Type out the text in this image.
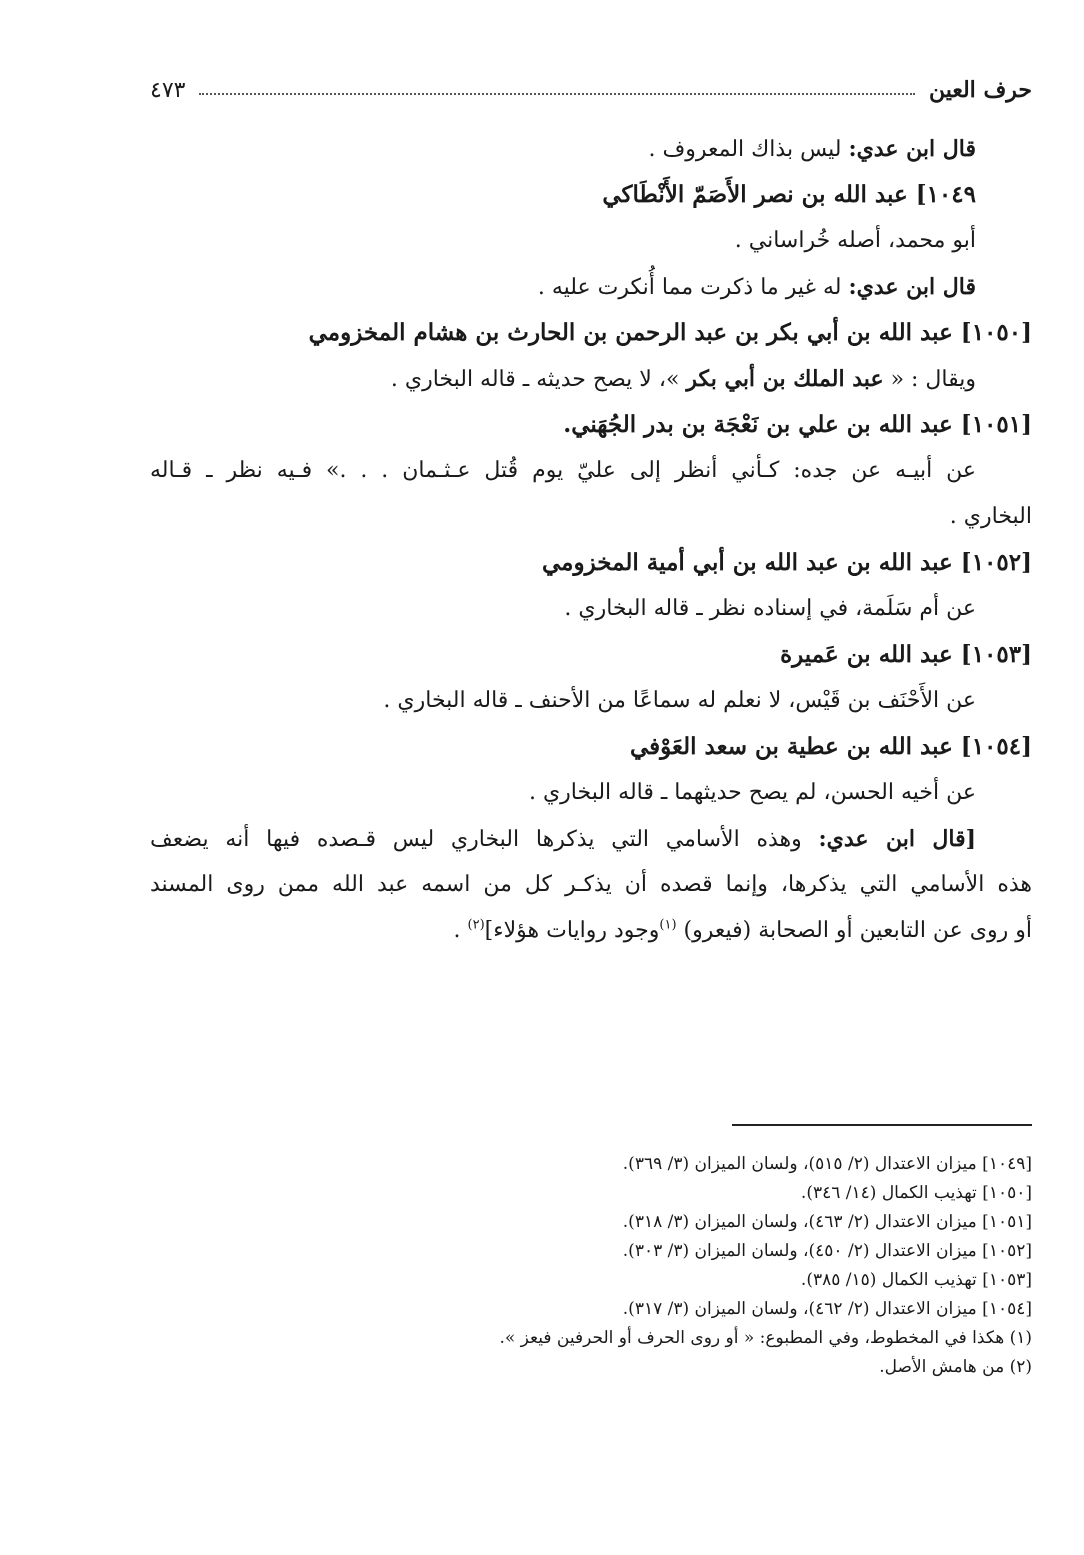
حرف العين
٤٧٣
قال ابن عدي: ليس بذاك المعروف .
١٠٤٩] عبد الله بن نصر الأَصَمّ الأَنْطَاكي
أبو محمد، أصله خُراساني .
قال ابن عدي: له غير ما ذكرت مما أُنكرت عليه .
[١٠٥٠] عبد الله بن أبي بكر بن عبد الرحمن بن الحارث بن هشام المخزومي
ويقال : « عبد الملك بن أبي بكر »، لا يصح حديثه ـ قاله البخاري .
[١٠٥١] عبد الله بن علي بن نَعْجَة بن بدر الجُهَني.
عن أبيـه عن جده: كـأني أنظر إلى عليّ يوم قُتل عـثـمان . . .» فـيه نظر ـ قـاله
البخاري .
[١٠٥٢] عبد الله بن عبد الله بن أبي أمية المخزومي
عن أم سَلَمة، في إسناده نظر ـ قاله البخاري .
[١٠٥٣] عبد الله بن عَميرة
عن الأَحْنَف بن قَيْس، لا نعلم له سماعًا من الأحنف ـ قاله البخاري .
[١٠٥٤] عبد الله بن عطية بن سعد العَوْفي
عن أخيه الحسن، لم يصح حديثهما ـ قاله البخاري .
[قال ابن عدي: وهذه الأسامي التي يذكرها البخاري ليس قـصده فيها أنه يضعف
هذه الأسامي التي يذكرها، وإنما قصده أن يذكـر كل من اسمه عبد الله ممن روى المسند
أو روى عن التابعين أو الصحابة (فيعرو) $^{(١)}$وجود روايات هؤلاء]$^{(٢)}$ .
[١٠٤٩] ميزان الاعتدال (٢/ ٥١٥)، ولسان الميزان (٣/ ٣٦٩).
[١٠٥٠] تهذيب الكمال (١٤/ ٣٤٦).
[١٠٥١] ميزان الاعتدال (٢/ ٤٦٣)، ولسان الميزان (٣/ ٣١٨).
[١٠٥٢] ميزان الاعتدال (٢/ ٤٥٠)، ولسان الميزان (٣/ ٣٠٣).
[١٠٥٣] تهذيب الكمال (١٥/ ٣٨٥).
[١٠٥٤] ميزان الاعتدال (٢/ ٤٦٢)، ولسان الميزان (٣/ ٣١٧).
(١) هكذا في المخطوط، وفي المطبوع: « أو روى الحرف أو الحرفين فيعز ».
(٢) من هامش الأصل.
